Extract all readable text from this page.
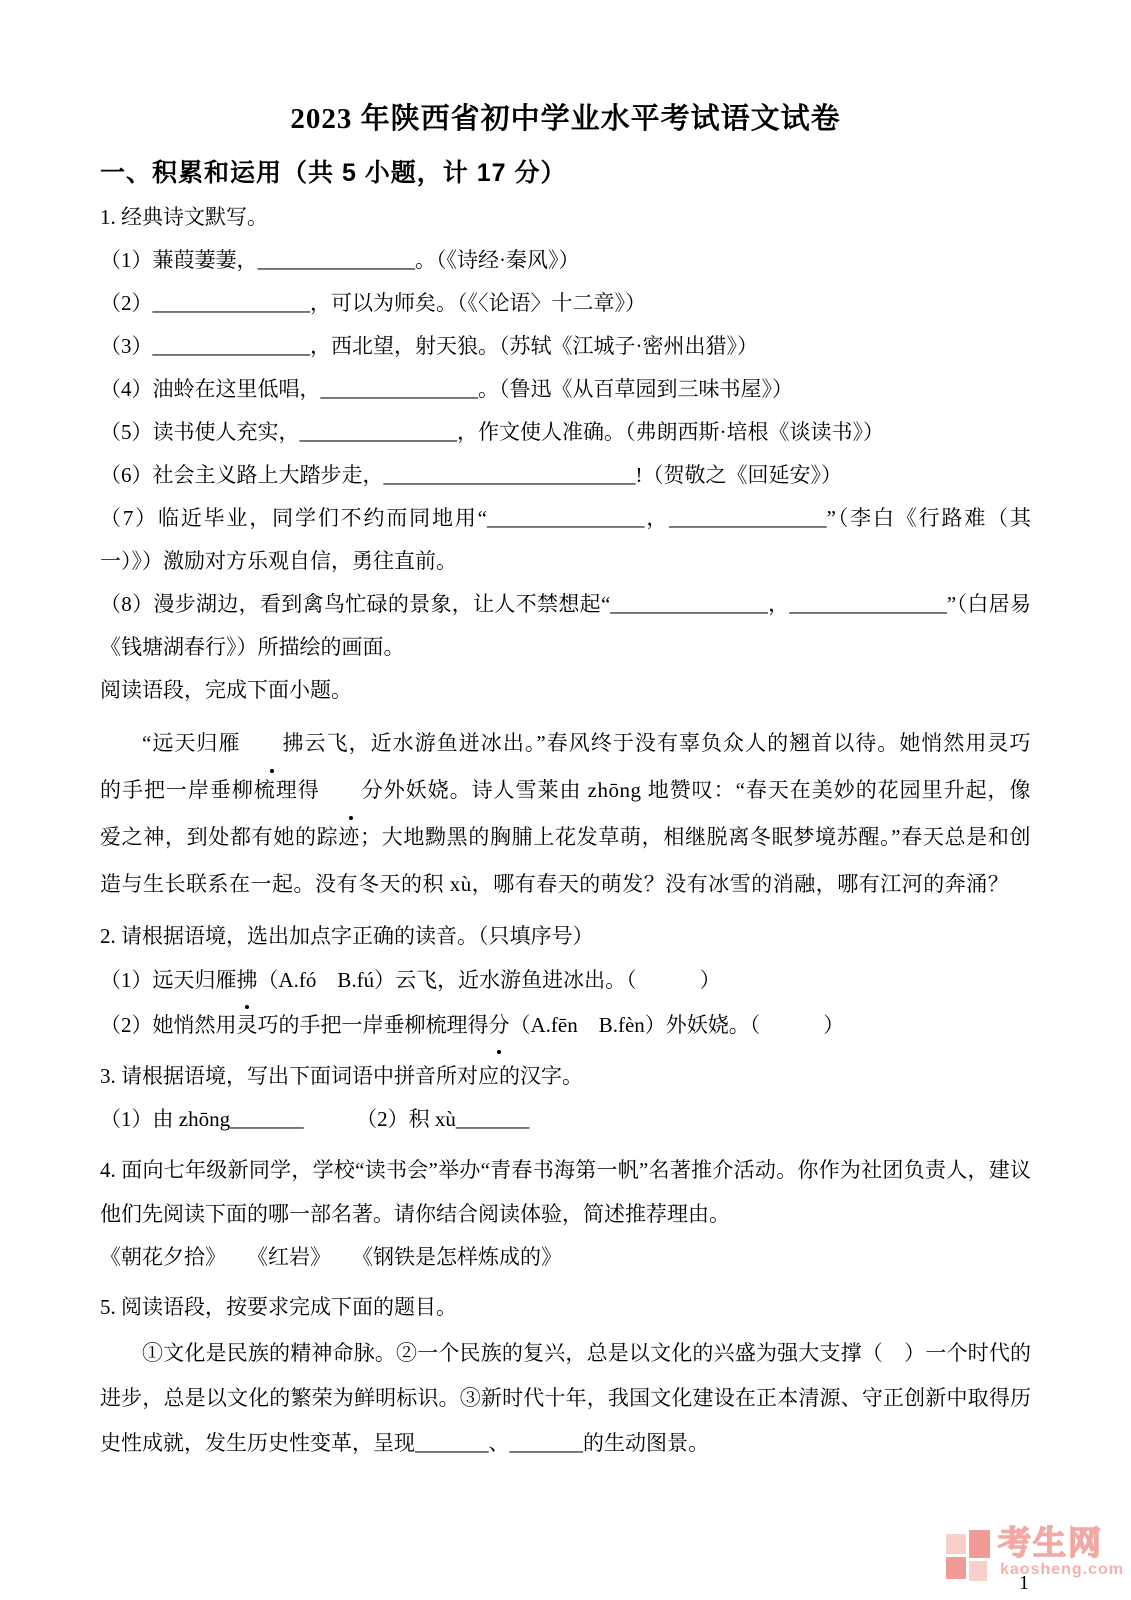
2023 年陕西省初中学业水平考试语文试卷
一、积累和运用（共 5 小题，计 17 分）
1. 经典诗文默写。
（1）蒹葭萋萋，_______________。（《诗经·秦风》）
（2）_______________，可以为师矣。（《〈论语〉十二章》）
（3）_______________，西北望，射天狼。（苏轼《江城子·密州出猎》）
（4）油蛉在这里低唱，_______________。（鲁迅《从百草园到三味书屋》）
（5）读书使人充实，_______________，作文使人准确。（弗朗西斯·培根《谈读书》）
（6）社会主义路上大踏步走，________________________!（贺敬之《回延安》）
（7）临近毕业，同学们不约而同地用“_______________，_______________”（李白《行路难（其一）》）激励对方乐观自信，勇往直前。
（8）漫步湖边，看到禽鸟忙碌的景象，让人不禁想起“_______________，_______________”（白居易《钱塘湖春行》）所描绘的画面。
阅读语段，完成下面小题。
“远天归雁 拂云飞，近水游鱼迸冰出。”春风终于没有辜负众人的翘首以待。她悄然用灵巧的手把一岸垂柳梳理得 分外妖娆。诗人雪莱由 zhōng 地赞叹：“春天在美妙的花园里升起，像爱之神，到处都有她的踪迹；大地黝黑的胸脯上花发草萌，相继脱离冬眠梦境苏醒。”春天总是和创造与生长联系在一起。没有冬天的积 xù，哪有春天的萌发？没有冰雪的消融，哪有江河的奔涌？
2. 请根据语境，选出加点字正确的读音。（只填序号）
（1）远天归雁拂（A.fó　B.fú）云飞，近水游鱼进冰出。（　　　）
（2）她悄然用灵巧的手把一岸垂柳梳理得分（A.fēn　B.fèn）外妖娆。（　　　）
3. 请根据语境，写出下面词语中拼音所对应的汉字。
（1）由 zhōng_______　　　（2）积 xù_______
4. 面向七年级新同学，学校“读书会”举办“青春书海第一帆”名著推介活动。你作为社团负责人，建议他们先阅读下面的哪一部名著。请你结合阅读体验，简述推荐理由。
《朝花夕拾》　　《红岩》　　《钢铁是怎样炼成的》
5. 阅读语段，按要求完成下面的题目。
①文化是民族的精神命脉。②一个民族的复兴，总是以文化的兴盛为强大支撑（　）一个时代的进步，总是以文化的繁荣为鲜明标识。③新时代十年，我国文化建设在正本清源、守正创新中取得历史性成就，发生历史性变革，呈现_______、_______的生动图景。
考生网
kaosheng.com
1
